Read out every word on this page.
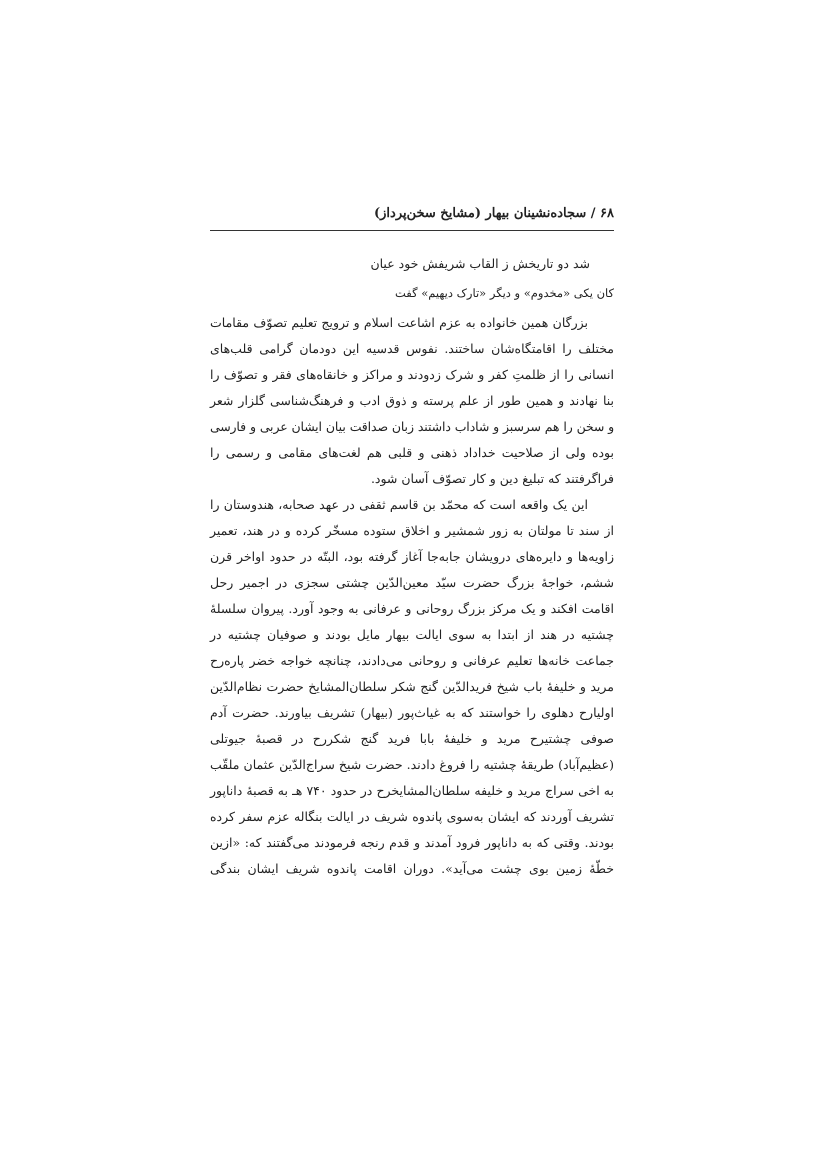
۶۸ / سجاده‌نشینان بیهار (مشایخ سخن‌پرداز)
شد دو تاریخش ز القاب شریفش خود عیان
کان یکی «مخدوم» و دیگر «تارک دیهیم» گفت
بزرگان همین خانواده به عزم اشاعت اسلام و ترویج تعلیم تصوّف مقامات
مختلف را اقامتگاه‌شان ساختند. نفوس قدسیه این دودمان گرامی قلب‌های
انسانی را از ظلمتِ کفر و شرک زدودند و مراکز و خانقاه‌های فقر و تصوّف را
بنا نهادند و همین طور از علم پرسته و ذوق ادب و فرهنگ‌شناسی گلزار شعر
و سخن را هم سرسبز و شاداب داشتند زبان صداقت بیان ایشان عربی و فارسی
بوده ولی از صلاحیت خداداد ذهنی و قلبی هم لغت‌های مقامی و رسمی را
فراگرفتند که تبلیغ دین و کار تصوّف آسان شود.
این یک واقعه است که محمّد بن قاسم ثقفی در عهد صحابه، هندوستان را
از سند تا مولتان به زور شمشیر و اخلاق ستوده مسخّر کرده و در هند، تعمیر
زاویه‌ها و دایره‌های درویشان جابه‌جا آغاز گرفته بود، البتّه در حدود اواخر قرن
ششم، خواجهٔ بزرگ حضرت سیّد معین‌الدّین چشتی سجزی در اجمیر رحل
اقامت افکند و یک مرکز بزرگ روحانی و عرفانی به وجود آورد. پیروان سلسلهٔ
چشتیه در هند از ابتدا به سوی ایالت بیهار مایل بودند و صوفیان چشتیه در
جماعت خانه‌ها تعلیم عرفانی و روحانی می‌دادند، چنانچه خواجه خضر پاره‌رح
مرید و خلیفهٔ باب شیخ فریدالدّین گنج شکر سلطان‌المشایخ حضرت نظام‌الدّین
اولیارح دهلوی را خواستند که به غیاث‌پور (بیهار) تشریف بیاورند. حضرت آدم
صوفی چشتیرح مرید و خلیفهٔ بابا فرید گنج شکررح در قصبهٔ جیوتلی
(عظیم‌آباد) طریقهٔ چشتیه را فروغ دادند. حضرت شیخ سراج‌الدّین عثمان ملقّب
به اخی سراج مرید و خلیفه سلطان‌المشایخرح در حدود ۷۴۰ هـ به قصبهٔ داناپور
تشریف آوردند که ایشان به‌سوی پاندوه شریف در ایالت بنگاله عزم سفر کرده
بودند. وقتی که به داناپور فرود آمدند و قدم رنجه فرمودند می‌گفتند که: «ازین
خطّهٔ زمین بوی چشت می‌آید». دوران اقامت پاندوه شریف ایشان بندگی
